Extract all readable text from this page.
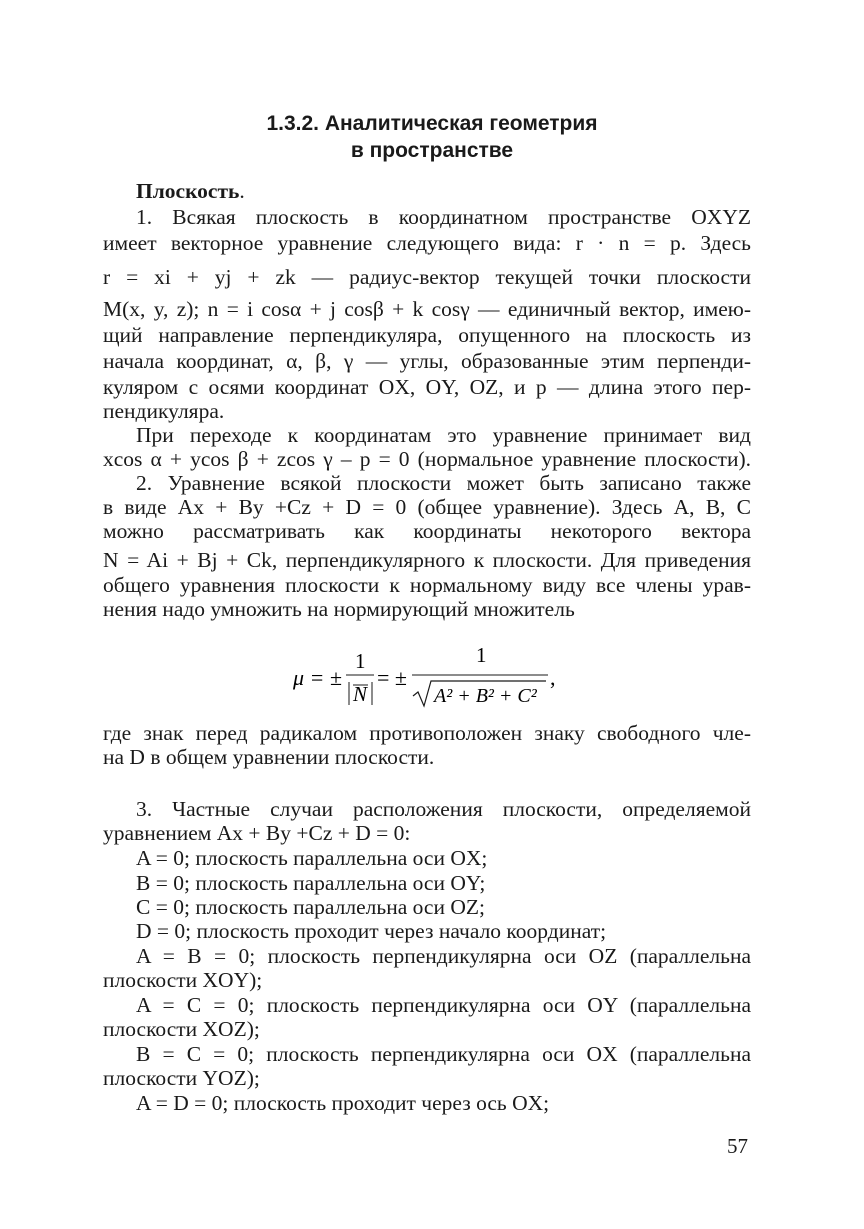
1.3.2. Аналитическая геометрия
в пространстве
Плоскость.
1. Всякая плоскость в координатном пространстве OXYZ
имеет векторное уравнение следующего вида: r · n = p. Здесь
r = xi + yj + zk — радиус-вектор текущей точки плоскости
M(x, y, z); n = i cosα + j cosβ + k cosγ — единичный вектор, имею-
щий направление перпендикуляра, опущенного на плоскость из
начала координат, α, β, γ — углы, образованные этим перпенди-
куляром с осями координат OX, OY, OZ, и p — длина этого пер-
пендикуляра.
При переходе к координатам это уравнение принимает вид
xcos α + ycos β + zcos γ – p = 0 (нормальное уравнение плоскости).
2. Уравнение всякой плоскости может быть записано также
в виде Ax + By +Cz + D = 0 (общее уравнение). Здесь A, B, C
можно рассматривать как координаты некоторого вектора
N = Ai + Bj + Ck, перпендикулярного к плоскости. Для приведения
общего уравнения плоскости к нормальному виду все члены урав-
нения надо умножить на нормирующий множитель
μ = ±
1
N
= ±
1
A² + B² + C²
,
где знак перед радикалом противоположен знаку свободного чле-
на D в общем уравнении плоскости.
3. Частные случаи расположения плоскости, определяемой
уравнением Ax + By +Cz + D = 0:
A = 0; плоскость параллельна оси OX;
B = 0; плоскость параллельна оси OY;
C = 0; плоскость параллельна оси OZ;
D = 0; плоскость проходит через начало координат;
A = B = 0; плоскость перпендикулярна оси OZ (параллельна
плоскости XOY);
A = C = 0; плоскость перпендикулярна оси OY (параллельна
плоскости XOZ);
B = C = 0; плоскость перпендикулярна оси OX (параллельна
плоскости YOZ);
A = D = 0; плоскость проходит через ось OX;
57
